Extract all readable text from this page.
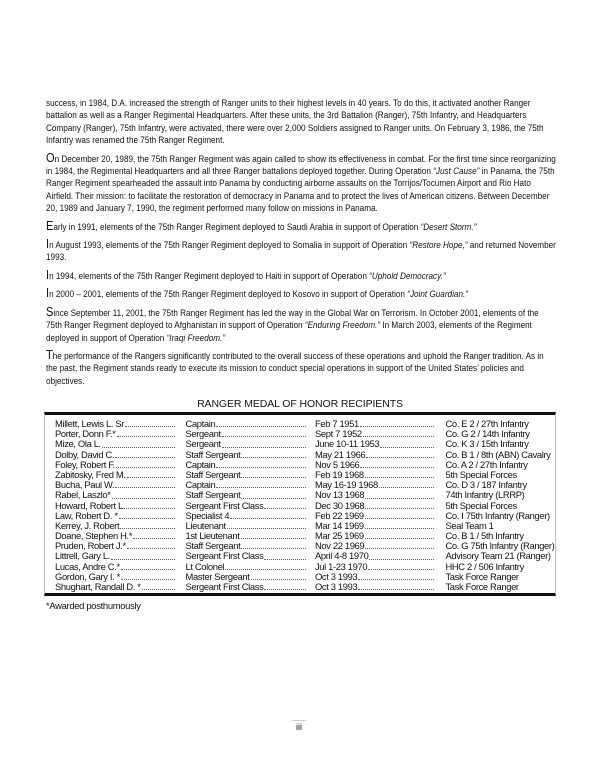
success, in 1984, D.A. increased the strength of Ranger units to their highest levels in 40 years. To do this, it activated another Ranger battalion as well as a Ranger Regimental Headquarters. After these units, the 3rd Battalion (Ranger), 75th Infantry, and Headquarters Company (Ranger), 75th Infantry, were activated, there were over 2,000 Soldiers assigned to Ranger units. On February 3, 1986, the 75th Infantry was renamed the 75th Ranger Regiment.

On December 20, 1989, the 75th Ranger Regiment was again called to show its effectiveness in combat. For the first time since reorganizing in 1984, the Regimental Headquarters and all three Ranger battalions deployed together. During Operation “Just Cause” in Panama, the 75th Ranger Regiment spearheaded the assault into Panama by conducting airborne assaults on the Torrijos/Tocumen Airport and Rio Hato Airfield. Their mission: to facilitate the restoration of democracy in Panama and to protect the lives of American citizens. Between December 20, 1989 and January 7, 1990, the regiment performed many follow on missions in Panama.

Early in 1991, elements of the 75th Ranger Regiment deployed to Saudi Arabia in support of Operation “Desert Storm.”

In August 1993, elements of the 75th Ranger Regiment deployed to Somalia in support of Operation “Restore Hope,” and returned November 1993.

In 1994, elements of the 75th Ranger Regiment deployed to Haiti in support of Operation “Uphold Democracy.”

In 2000 – 2001, elements of the 75th Ranger Regiment deployed to Kosovo in support of Operation “Joint Guardian.”

Since September 11, 2001, the 75th Ranger Regiment has led the way in the Global War on Terrorism. In October 2001, elements of the 75th Ranger Regiment deployed to Afghanistan in support of Operation “Enduring Freedom.” In March 2003, elements of the Regiment deployed in support of Operation “Iraqi Freedom.”

The performance of the Rangers significantly contributed to the overall success of these operations and uphold the Ranger tradition. As in the past, the Regiment stands ready to execute its mission to conduct special operations in support of the United States’ policies and objectives.

RANGER MEDAL OF HONOR RECIPIENTS
Millett, Lewis L. Sr	Captain	Feb 7 1951	Co. E 2 / 27th Infantry
Porter, Donn F.*	Sergeant	Sept 7 1952	Co. G 2 / 14th Infantry
Mize, Ola L.	Sergeant	June 10-11 1953	Co. K 3 / 15th Infantry
Dolby, David C.	Staff Sergeant	May 21 1966	Co. B 1 / 8th (ABN) Cavalry
Foley, Robert F.	Captain	Nov 5 1966	Co. A 2 / 27th Infantry
Zabitosky, Fred M.	Staff Sergeant	Feb 19 1968	5th Special Forces
Bucha, Paul W.	Captain	May 16-19 1968	Co. D 3 / 187 Infantry
Rabel, Laszlo*	Staff Sergeant	Nov 13 1968	74th Infantry (LRRP)
Howard, Robert L.	Sergeant First Class	Dec 30 1968	5th Special Forces
Law, Robert D. *	Specialist 4	Feb 22 1969	Co. I 75th Infantry (Ranger)
Kerrey, J. Robert	Lieutenant	Mar 14 1969	Seal Team 1
Doane, Stephen H.*	1st Lieutenant	Mar 25 1969	Co. B 1 / 5th Infantry
Pruden, Robert J.*	Staff Sergeant	Nov 22 1969	Co. G 75th Infantry (Ranger)
Littrell, Gary L.	Sergeant First Class	April 4-8 1970	Advisory Team 21 (Ranger)
Lucas, Andre C.*	Lt Colonel	Jul 1-23 1970	HHC 2 / 506 Infantry
Gordon, Gary I. *	Master Sergeant	Oct 3 1993	Task Force Ranger
Shughart, Randall D. *	Sergeant First Class	Oct 3 1993	Task Force Ranger
*Awarded posthumously
iii
